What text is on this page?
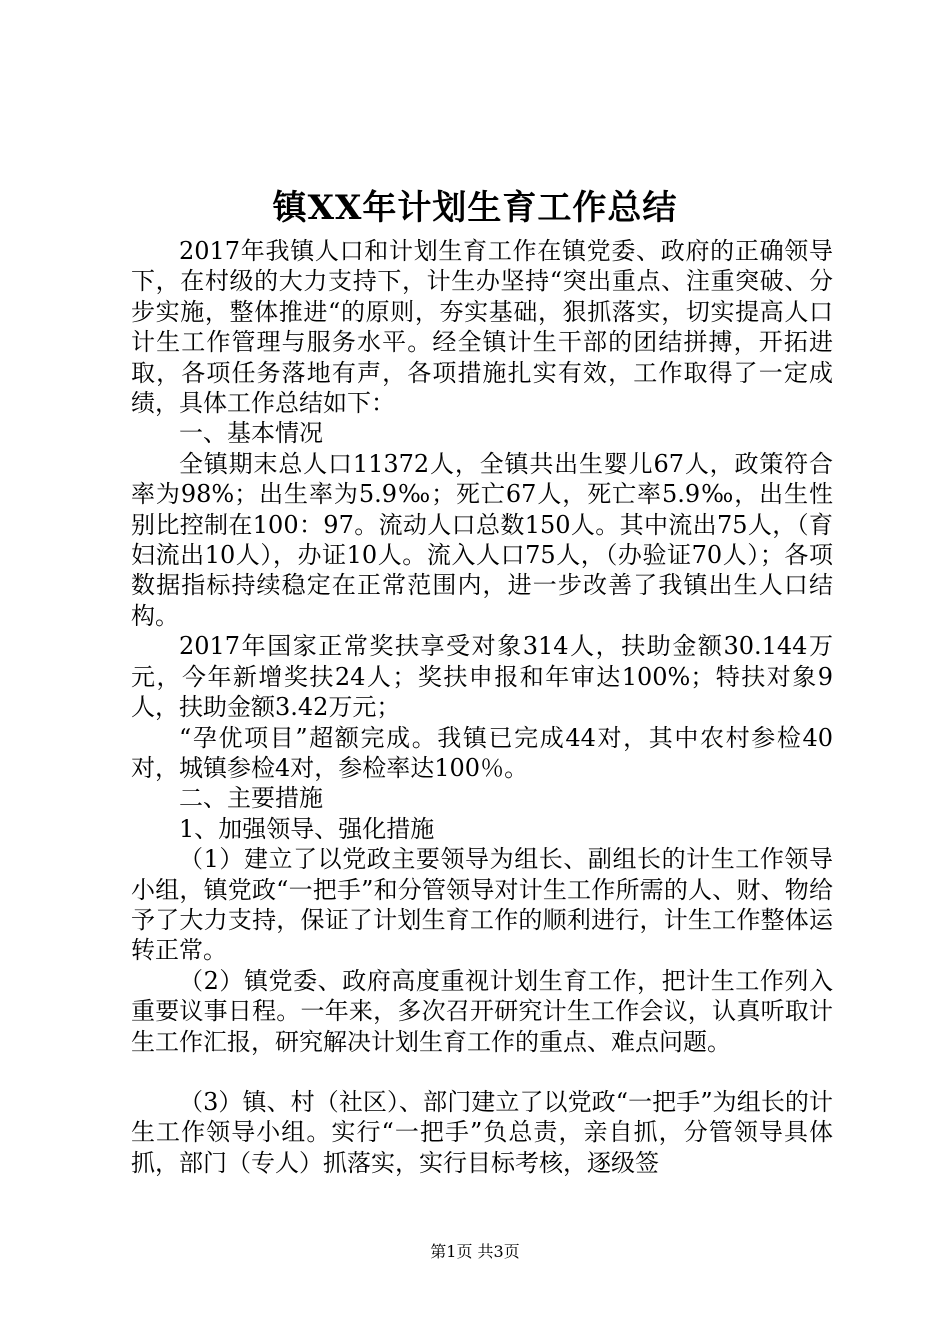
镇XX年计划生育工作总结

2017年我镇人口和计划生育工作在镇党委、政府的正确领导下，在村级的大力支持下，计生办坚持“突出重点、注重突破、分步实施，整体推进“的原则，夯实基础，狠抓落实，切实提高人口计生工作管理与服务水平。经全镇计生干部的团结拼搏，开拓进取，各项任务落地有声，各项措施扎实有效，工作取得了一定成绩，具体工作总结如下：

一、基本情况

全镇期末总人口11372人，全镇共出生婴儿67人，政策符合率为98%；出生率为5.9‰；死亡67人，死亡率5.9‰，出生性别比控制在100：97。流动人口总数150人。其中流出75人，（育妇流出10人），办证10人。流入人口75人，（办验证70人）；各项数据指标持续稳定在正常范围内，进一步改善了我镇出生人口结构。

2017年国家正常奖扶享受对象314人，扶助金额30.144万元，今年新增奖扶24人；奖扶申报和年审达100%；特扶对象9人，扶助金额3.42万元；

“孕优项目”超额完成。我镇已完成44对，其中农村参检40对，城镇参检4对，参检率达100％。

二、主要措施

1、加强领导、强化措施

（1）建立了以党政主要领导为组长、副组长的计生工作领导小组，镇党政“一把手”和分管领导对计生工作所需的人、财、物给予了大力支持，保证了计划生育工作的顺利进行，计生工作整体运转正常。

（2）镇党委、政府高度重视计划生育工作，把计生工作列入重要议事日程。一年来，多次召开研究计生工作会议，认真听取计生工作汇报，研究解决计划生育工作的重点、难点问题。

（3）镇、村（社区）、部门建立了以党政“一把手”为组长的计生工作领导小组。实行“一把手”负总责，亲自抓，分管领导具体抓，部门（专人）抓落实，实行目标考核，逐级签

第1页 共3页
